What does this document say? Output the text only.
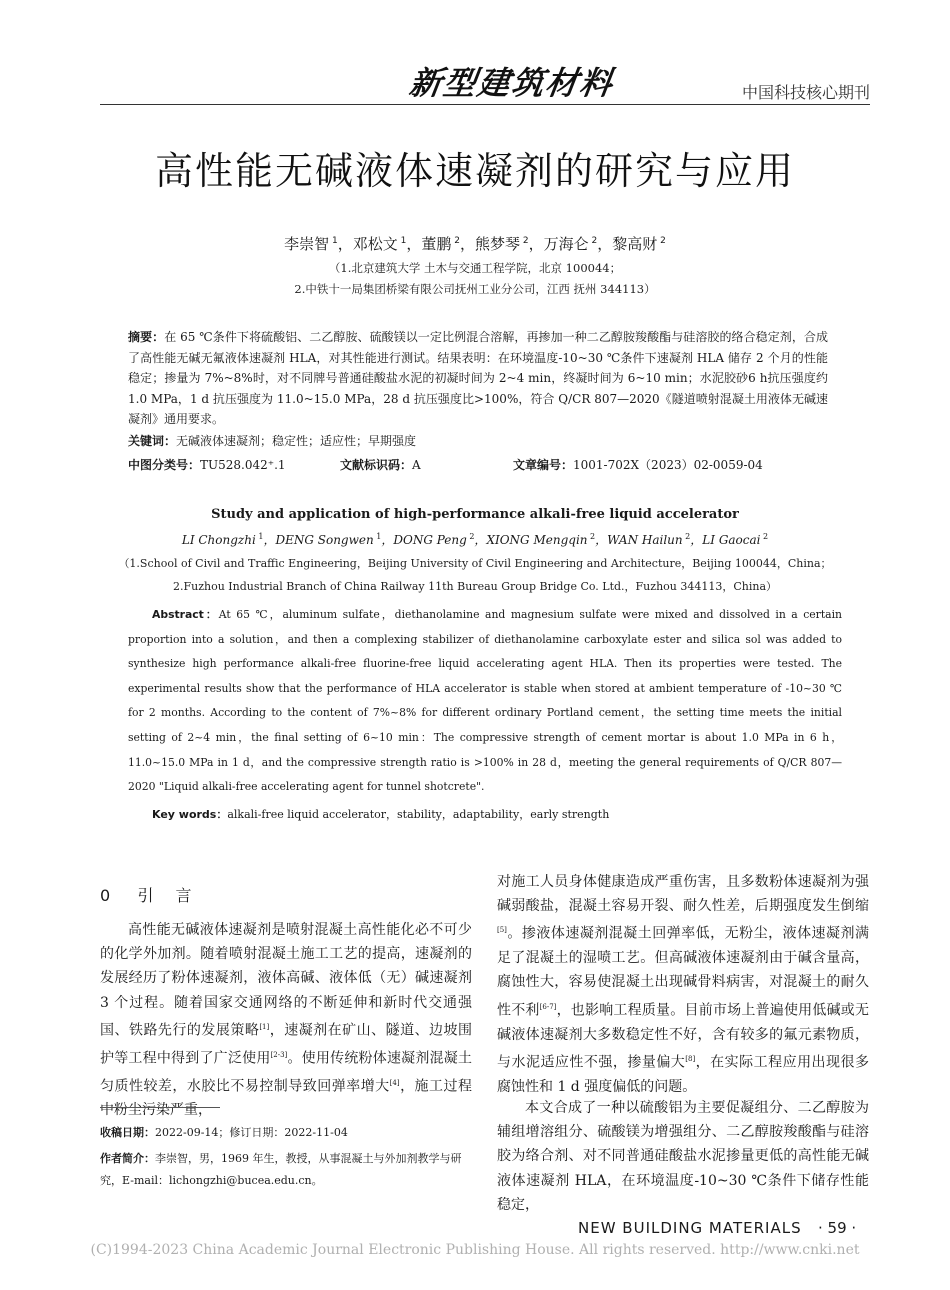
新型建筑材料	中国科技核心期刊
高性能无碱液体速凝剂的研究与应用
李崇智 $^1$，邓松文 $^1$，董鹏 $^2$，熊梦琴 $^2$，万海仑 $^2$，黎高财 $^2$
（1.北京建筑大学 土木与交通工程学院，北京 100044；
2.中铁十一局集团桥梁有限公司抚州工业分公司，江西 抚州 344113）
摘要：在 65 ℃条件下将硫酸铝、二乙醇胺、硫酸镁以一定比例混合溶解，再掺加一种二乙醇胺羧酸酯与硅溶胶的络合稳定剂，合成了高性能无碱无氟液体速凝剂 HLA，对其性能进行测试。结果表明：在环境温度-10~30 ℃条件下速凝剂 HLA 储存 2 个月的性能稳定；掺量为 7%~8%时，对不同牌号普通硅酸盐水泥的初凝时间为 2~4 min，终凝时间为 6~10 min；水泥胶砂6 h抗压强度约 1.0 MPa，1 d 抗压强度为 11.0~15.0 MPa，28 d 抗压强度比>100%，符合 Q/CR 807—2020《隧道喷射混凝土用液体无碱速凝剂》通用要求。
关键词：无碱液体速凝剂；稳定性；适应性；早期强度
中图分类号：TU528.042⁺.1	文献标识码：A	文章编号：1001-702X（2023）02-0059-04
Study and application of high-performance alkali-free liquid accelerator
LI Chongzhi $^1$，DENG Songwen $^1$，DONG Peng $^2$，XIONG Mengqin $^2$，WAN Hailun $^2$，LI Gaocai $^2$
（1.School of Civil and Traffic Engineering，Beijing University of Civil Engineering and Architecture，Beijing 100044，China；
2.Fuzhou Industrial Branch of China Railway 11th Bureau Group Bridge Co. Ltd.，Fuzhou 344113，China）
Abstract：At 65 ℃，aluminum sulfate，diethanolamine and magnesium sulfate were mixed and dissolved in a certain proportion into a solution，and then a complexing stabilizer of diethanolamine carboxylate ester and silica sol was added to synthesize high performance alkali-free fluorine-free liquid accelerating agent HLA. Then its properties were tested. The experimental results show that the performance of HLA accelerator is stable when stored at ambient temperature of -10~30 ℃ for 2 months. According to the content of 7%~8% for different ordinary Portland cement，the setting time meets the initial setting of 2~4 min，the final setting of 6~10 min：The compressive strength of cement mortar is about 1.0 MPa in 6 h，11.0~15.0 MPa in 1 d，and the compressive strength ratio is >100% in 28 d，meeting the general requirements of Q/CR 807—2020 "Liquid alkali-free accelerating agent for tunnel shotcrete".
Key words：alkali-free liquid accelerator，stability，adaptability，early strength
0 引　言
高性能无碱液体速凝剂是喷射混凝土高性能化必不可少的化学外加剂。随着喷射混凝土施工工艺的提高，速凝剂的发展经历了粉体速凝剂，液体高碱、液体低（无）碱速凝剂 3 个过程。随着国家交通网络的不断延伸和新时代交通强国、铁路先行的发展策略[1]，速凝剂在矿山、隧道、边坡围护等工程中得到了广泛使用[2-3]。使用传统粉体速凝剂混凝土匀质性较差，水胶比不易控制导致回弹率增大[4]，施工过程中粉尘污染严重，
对施工人员身体健康造成严重伤害，且多数粉体速凝剂为强碱弱酸盐，混凝土容易开裂、耐久性差，后期强度发生倒缩[5]。掺液体速凝剂混凝土回弹率低，无粉尘，液体速凝剂满足了混凝土的湿喷工艺。但高碱液体速凝剂由于碱含量高，腐蚀性大，容易使混凝土出现碱骨料病害，对混凝土的耐久性不利[6-7]，也影响工程质量。目前市场上普遍使用低碱或无碱液体速凝剂大多数稳定性不好，含有较多的氟元素物质，与水泥适应性不强，掺量偏大[8]，在实际工程应用出现很多腐蚀性和 1 d 强度偏低的问题。
本文合成了一种以硫酸铝为主要促凝组分、二乙醇胺为辅组增溶组分、硫酸镁为增强组分、二乙醇胺羧酸酯与硅溶胶为络合剂、对不同普通硅酸盐水泥掺量更低的高性能无碱液体速凝剂 HLA，在环境温度-10~30 ℃条件下储存性能稳定，
收稿日期：2022-09-14；修订日期：2022-11-04
作者简介：李崇智，男，1969 年生，教授，从事混凝土与外加剂教学与研究，E-mail：lichongzhi@bucea.edu.cn。
NEW BUILDING MATERIALS · 59 ·
(C)1994-2023 China Academic Journal Electronic Publishing House. All rights reserved. http://www.cnki.net
